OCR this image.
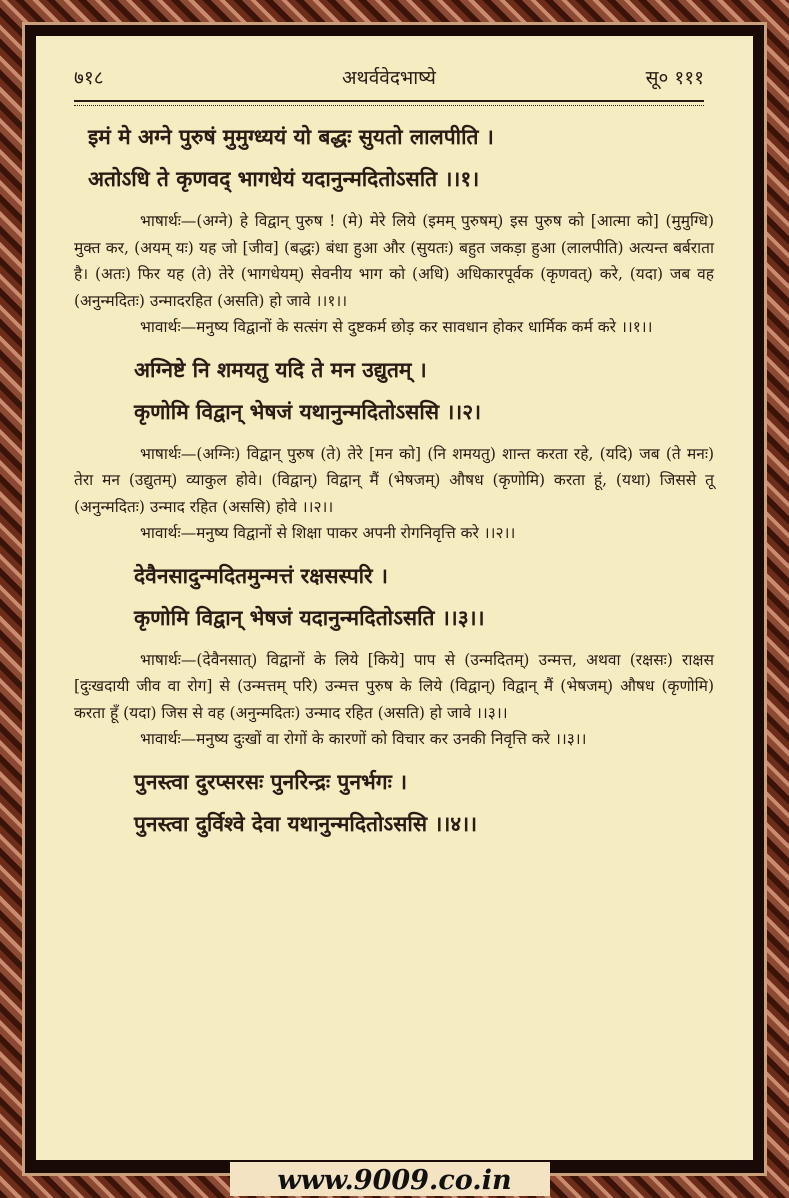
७१८	अथर्ववेदभाष्ये	सू० १११
इमं मे अग्ने पुरुषं मुमुग्ध्ययं यो बद्धः सुयतो लालपीति ।
अतोऽधि ते कृणवद् भागधेयं यदानुन्मदितोऽसति ।।१।

भाषार्थः—(अग्ने) हे विद्वान् पुरुष ! (मे) मेरे लिये (इमम् पुरुषम्) इस पुरुष को [आत्मा को] (मुमुग्धि) मुक्त कर, (अयम् यः) यह जो [जीव] (बद्धः) बंधा हुआ और (सुयतः) बहुत जकड़ा हुआ (लालपीति) अत्यन्त बर्बराता है। (अतः) फिर यह (ते) तेरे (भागधेयम्) सेवनीय भाग को (अधि) अधिकारपूर्वक (कृणवत्) करे, (यदा) जब वह (अनुन्मदितः) उन्मादरहित (असति) हो जावे ।।१।।

भावार्थः—मनुष्य विद्वानों के सत्संग से दुष्टकर्म छोड़ कर सावधान होकर धार्मिक कर्म करे ।।१।।

अग्निष्टे नि शमयतु यदि ते मन उद्युतम् ।
कृणोमि विद्वान् भेषजं यथानुन्मदितोऽससि ।।२।

भाषार्थः—(अग्निः) विद्वान् पुरुष (ते) तेरे [मन को] (नि शमयतु) शान्त करता रहे, (यदि) जब (ते मनः) तेरा मन (उद्युतम्) व्याकुल होवे। (विद्वान्) विद्वान् मैं (भेषजम्) औषध (कृणोमि) करता हूं, (यथा) जिससे तू (अनुन्मदितः) उन्माद रहित (अससि) होवे ।।२।।

भावार्थः—मनुष्य विद्वानों से शिक्षा पाकर अपनी रोगनिवृत्ति करे ।।२।।

देवैनसादुन्मदितमुन्मत्तं रक्षसस्परि ।
कृणोमि विद्वान् भेषजं यदानुन्मदितोऽसति ।।३।।

भाषार्थः—(देवैनसात्) विद्वानों के लिये [किये] पाप से (उन्मदितम्) उन्मत्त, अथवा (रक्षसः) राक्षस [दुःखदायी जीव वा रोग] से (उन्मत्तम् परि) उन्मत्त पुरुष के लिये (विद्वान्) विद्वान् मैं (भेषजम्) औषध (कृणोमि) करता हूँ (यदा) जिस से वह (अनुन्मदितः) उन्माद रहित (असति) हो जावे ।।३।।

भावार्थः—मनुष्य दुःखों वा रोगों के कारणों को विचार कर उनकी निवृत्ति करे ।।३।।

पुनस्त्वा दुरप्सरसः पुनरिन्द्रः पुनर्भगः ।
पुनस्त्वा दुर्विश्वे देवा यथानुन्मदितोऽससि ।।४।।
www.9009.co.in
